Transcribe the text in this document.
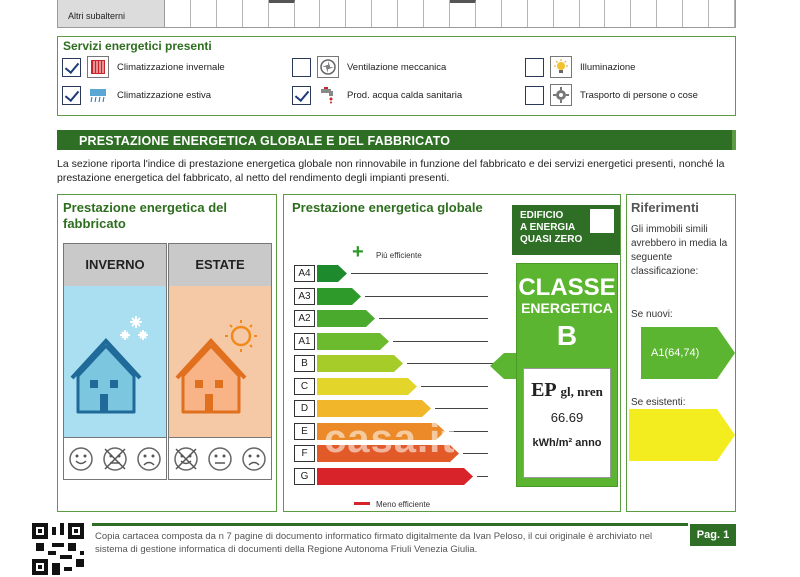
Altri subalterni
Servizi energetici presenti
Climatizzazione invernale	Ventilazione meccanica	Illuminazione
Climatizzazione estiva	Prod. acqua calda sanitaria	Trasporto di persone o cose
PRESTAZIONE ENERGETICA GLOBALE E DEL FABBRICATO
La sezione riporta l'indice di prestazione energetica globale non rinnovabile in funzione del fabbricato e dei servizi energetici presenti, nonché la prestazione energetica del fabbricato, al netto del rendimento degli impianti presenti.
Prestazione energetica del fabbricato
INVERNO	ESTATE
Prestazione energetica globale
+ Più efficiente
A4
A3
A2
A1
B
C
D
E
F
G
Meno efficiente
EDIFICIO
A ENERGIA
QUASI ZERO
CLASSE
ENERGETICA
B
EP gl, nren
66.69
kWh/m² anno
casa.it
Riferimenti
Gli immobili simili avrebbero in media la seguente classificazione:
Se nuovi:
A1(64,74)
Se esistenti:
Copia cartacea composta da n 7 pagine di documento informatico firmato digitalmente da Ivan Peloso, il cui originale è archiviato nel sistema di gestione informatica di documenti della Regione Autonoma Friuli Venezia Giulia.
Pag. 1
